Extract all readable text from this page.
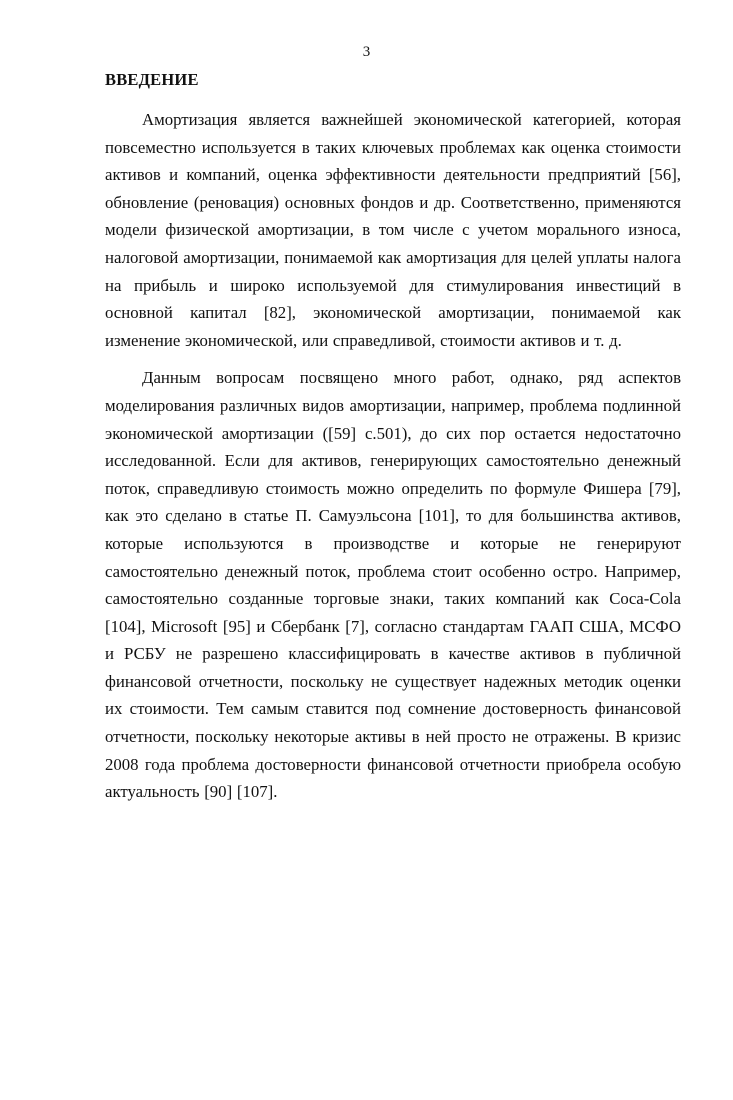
3
ВВЕДЕНИЕ

Амортизация является важнейшей экономической категорией, которая повсеместно используется в таких ключевых проблемах как оценка стоимости активов и компаний, оценка эффективности деятельности предприятий [56], обновление (реновация) основных фондов и др. Соответственно, применяются модели физической амортизации, в том числе с учетом морального износа, налоговой амортизации, понимаемой как амортизация для целей уплаты налога на прибыль и широко используемой для стимулирования инвестиций в основной капитал [82], экономической амортизации, понимаемой как изменение экономической, или справедливой, стоимости активов и т. д.

Данным вопросам посвящено много работ, однако, ряд аспектов моделирования различных видов амортизации, например, проблема подлинной экономической амортизации ([59] с.501), до сих пор остается недостаточно исследованной. Если для активов, генерирующих самостоятельно денежный поток, справедливую стоимость можно определить по формуле Фишера [79], как это сделано в статье П. Самуэльсона [101], то для большинства активов, которые используются в производстве и которые не генерируют самостоятельно денежный поток, проблема стоит особенно остро. Например, самостоятельно созданные торговые знаки, таких компаний как Coca-Cola [104], Microsoft [95] и Сбербанк [7], согласно стандартам ГААП США, МСФО и РСБУ не разрешено классифицировать в качестве активов в публичной финансовой отчетности, поскольку не существует надежных методик оценки их стоимости. Тем самым ставится под сомнение достоверность финансовой отчетности, поскольку некоторые активы в ней просто не отражены. В кризис 2008 года проблема достоверности финансовой отчетности приобрела особую актуальность [90] [107].
